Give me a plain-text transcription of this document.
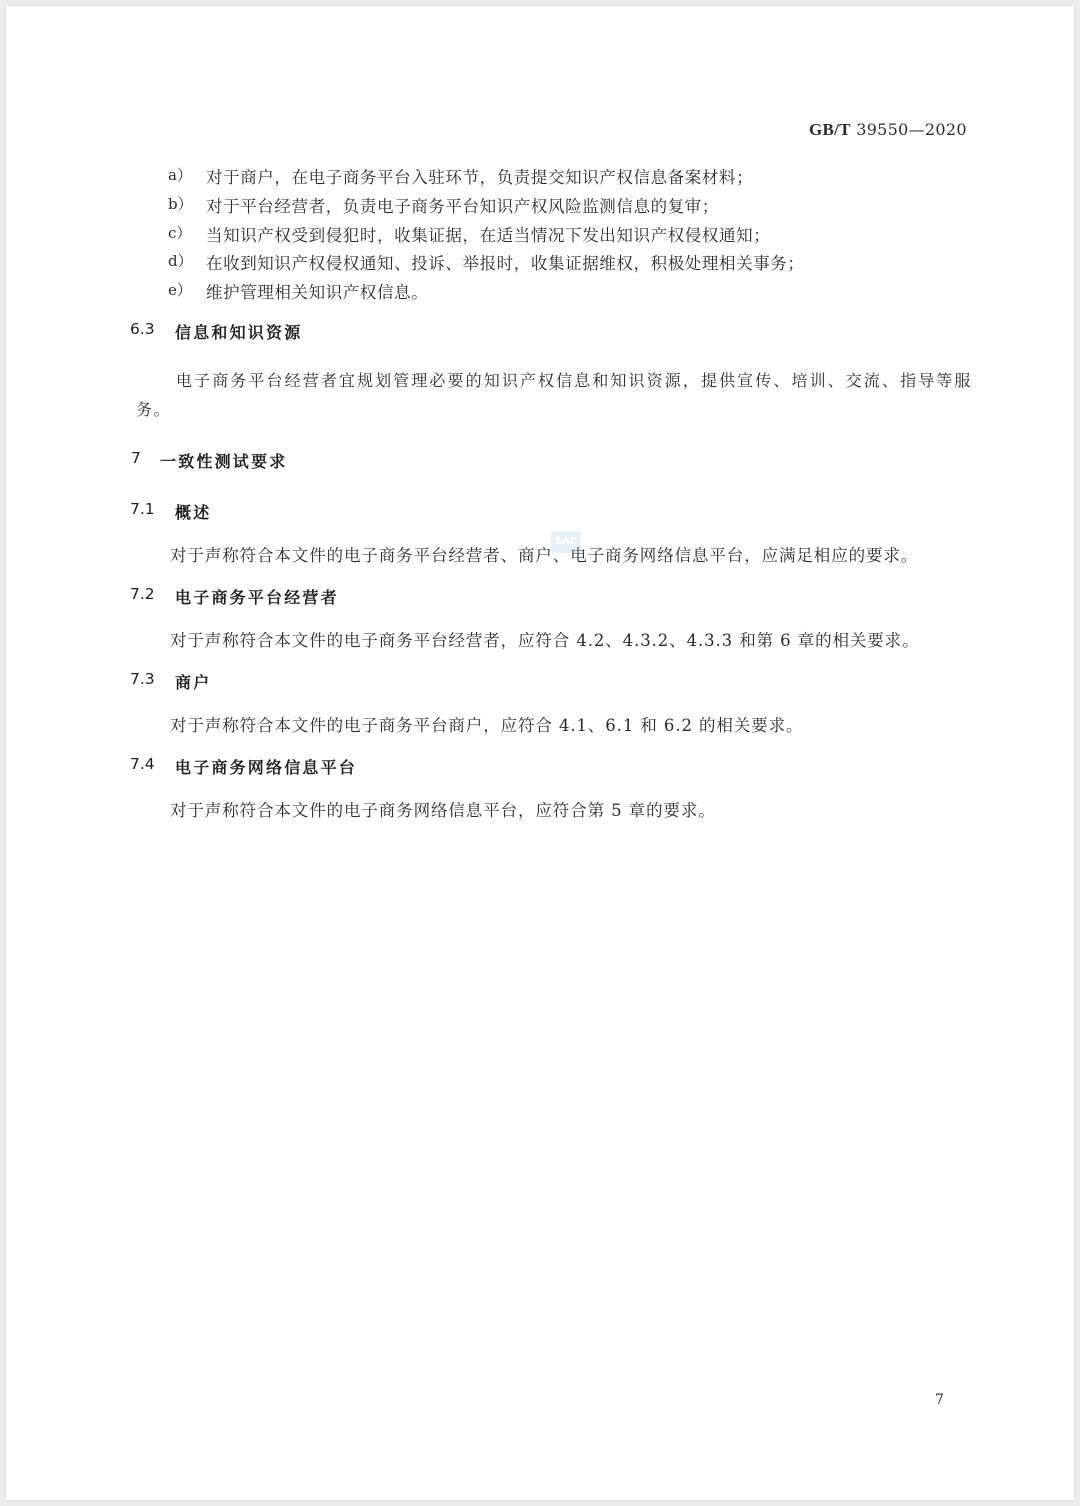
GB/T 39550—2020
a） 对于商户，在电子商务平台入驻环节，负责提交知识产权信息备案材料；
b） 对于平台经营者，负责电子商务平台知识产权风险监测信息的复审；
c） 当知识产权受到侵犯时，收集证据，在适当情况下发出知识产权侵权通知；
d） 在收到知识产权侵权通知、投诉、举报时，收集证据维权，积极处理相关事务；
e） 维护管理相关知识产权信息。
6.3 信息和知识资源
电子商务平台经营者宜规划管理必要的知识产权信息和知识资源，提供宣传、培训、交流、指导等服务。
7 一致性测试要求
7.1 概述
对于声称符合本文件的电子商务平台经营者、商户、电子商务网络信息平台，应满足相应的要求。
SAC
7.2 电子商务平台经营者
对于声称符合本文件的电子商务平台经营者，应符合 4.2、4.3.2、4.3.3 和第 6 章的相关要求。
7.3 商户
对于声称符合本文件的电子商务平台商户，应符合 4.1、6.1 和 6.2 的相关要求。
7.4 电子商务网络信息平台
对于声称符合本文件的电子商务网络信息平台，应符合第 5 章的要求。
7
